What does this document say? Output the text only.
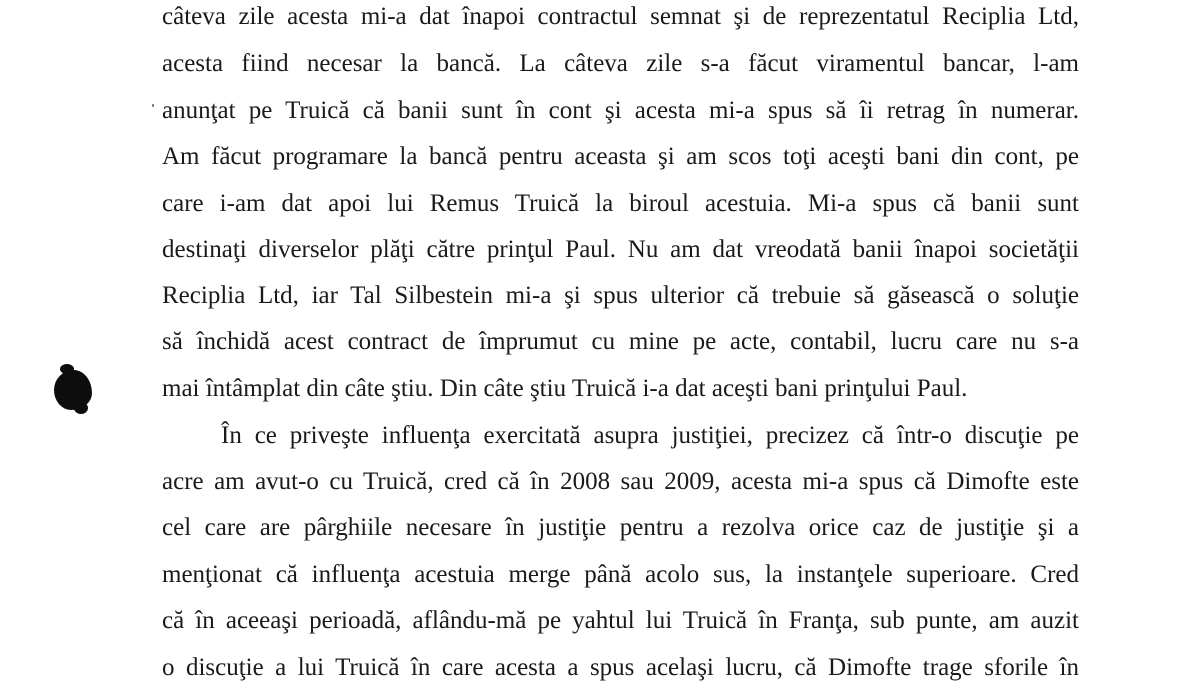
câteva zile acesta mi-a dat înapoi contractul semnat şi de reprezentatul Reciplia Ltd,
acesta fiind necesar la bancă. La câteva zile s-a făcut viramentul bancar, l-am
anunţat pe Truică că banii sunt în cont şi acesta mi-a spus să îi retrag în numerar.
Am făcut programare la bancă pentru aceasta şi am scos toţi aceşti bani din cont, pe
care i-am dat apoi lui Remus Truică la biroul acestuia. Mi-a spus că banii sunt
destinaţi diverselor plăţi către prinţul Paul. Nu am dat vreodată banii înapoi societăţii
Reciplia Ltd, iar Tal Silbestein mi-a şi spus ulterior că trebuie să găsească o soluţie
să închidă acest contract de împrumut cu mine pe acte, contabil, lucru care nu s-a
mai întâmplat din câte ştiu. Din câte ştiu Truică i-a dat aceşti bani prinţului Paul.
În ce priveşte influenţa exercitată asupra justiţiei, precizez că într-o discuţie pe
acre am avut-o cu Truică, cred că în 2008 sau 2009, acesta mi-a spus că Dimofte este
cel care are pârghiile necesare în justiţie pentru a rezolva orice caz de justiţie şi a
menţionat că influenţa acestuia merge până acolo sus, la instanţele superioare. Cred
că în aceeaşi perioadă, aflându-mă pe yahtul lui Truică în Franţa, sub punte, am auzit
o discuţie a lui Truică în care acesta a spus acelaşi lucru, că Dimofte trage sforile în
